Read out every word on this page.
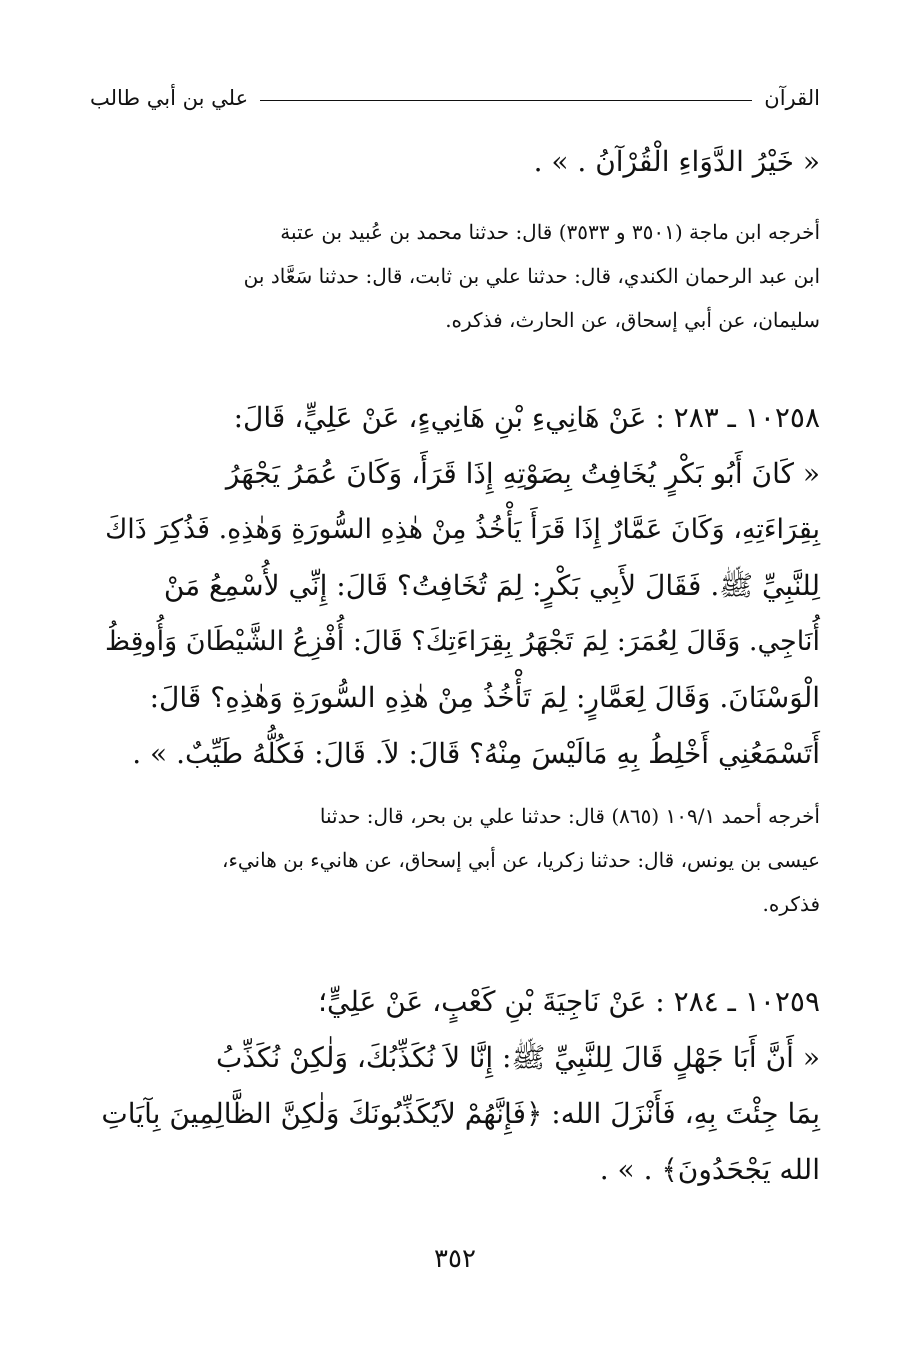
القرآن
علي بن أبي طالب

« خَيْرُ الدَّوَاءِ الْقُرْآنُ . » .

أخرجه ابن ماجة (٣٥٠١ و ٣٥٣٣) قال: حدثنا محمد بن عُبيد بن عتبة
ابن عبد الرحمان الكندي، قال: حدثنا علي بن ثابت، قال: حدثنا سَعَّاد بن
سليمان، عن أبي إسحاق، عن الحارث، فذكره.

١٠٢٥٨ ـ ٢٨٣ : عَنْ هَانِيءِ بْنِ هَانِيءٍ، عَنْ عَلِيٍّ، قَالَ:
« كَانَ أَبُو بَكْرٍ يُخَافِتُ بِصَوْتِهِ إِذَا قَرَأَ، وَكَانَ عُمَرُ يَجْهَرُ
بِقِرَاءَتِهِ، وَكَانَ عَمَّارٌ إِذَا قَرَأَ يَأْخُذُ مِنْ هٰذِهِ السُّورَةِ وَهٰذِهِ. فَذُكِرَ ذَاكَ
لِلنَّبِيِّ ﷺ. فَقَالَ لأَبِي بَكْرٍ: لِمَ تُخَافِتُ؟ قَالَ: إِنِّي لأُسْمِعُ مَنْ
أُنَاجِي. وَقَالَ لِعُمَرَ: لِمَ تَجْهَرُ بِقِرَاءَتِكَ؟ قَالَ: أُفْزِعُ الشَّيْطَانَ وَأُوقِظُ
الْوَسْنَانَ. وَقَالَ لِعَمَّارٍ: لِمَ تَأْخُذُ مِنْ هٰذِهِ السُّورَةِ وَهٰذِهِ؟ قَالَ:
أَتَسْمَعُنِي أَخْلِطُ بِهِ مَالَيْسَ مِنْهُ؟ قَالَ: لاَ. قَالَ: فَكُلُّهُ طَيِّبٌ. » .

أخرجه أحمد ١٠٩/١ (٨٦٥) قال: حدثنا علي بن بحر، قال: حدثنا
عيسى بن يونس، قال: حدثنا زكريا، عن أبي إسحاق، عن هانيء بن هانيء،
فذكره.

١٠٢٥٩ ـ ٢٨٤ : عَنْ نَاجِيَةَ بْنِ كَعْبٍ، عَنْ عَلِيٍّ؛
« أَنَّ أَبَا جَهْلٍ قَالَ لِلنَّبِيِّ ﷺ: إِنَّا لاَ نُكَذِّبُكَ، وَلٰكِنْ نُكَذِّبُ
بِمَا جِئْتَ بِهِ، فَأَنْزَلَ الله: ﴿فَإِنَّهُمْ لاَيُكَذِّبُونَكَ وَلٰكِنَّ الظَّالِمِينَ بِآيَاتِ
الله يَجْحَدُونَ﴾ . » .

٣٥٢
